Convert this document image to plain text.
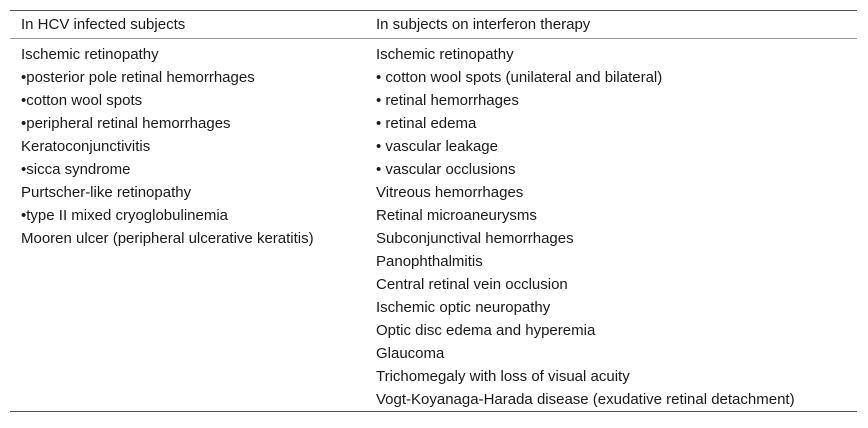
In HCV infected subjects	In subjects on interferon therapy
Ischemic retinopathy
•posterior pole retinal hemorrhages
•cotton wool spots
•peripheral retinal hemorrhages
Keratoconjunctivitis
•sicca syndrome
Purtscher-like retinopathy
•type II mixed cryoglobulinemia
Mooren ulcer (peripheral ulcerative keratitis)
Ischemic retinopathy
• cotton wool spots (unilateral and bilateral)
• retinal hemorrhages
• retinal edema
• vascular leakage
• vascular occlusions
Vitreous hemorrhages
Retinal microaneurysms
Subconjunctival hemorrhages
Panophthalmitis
Central retinal vein occlusion
Ischemic optic neuropathy
Optic disc edema and hyperemia
Glaucoma
Trichomegaly with loss of visual acuity
Vogt-Koyanaga-Harada disease (exudative retinal detachment)
